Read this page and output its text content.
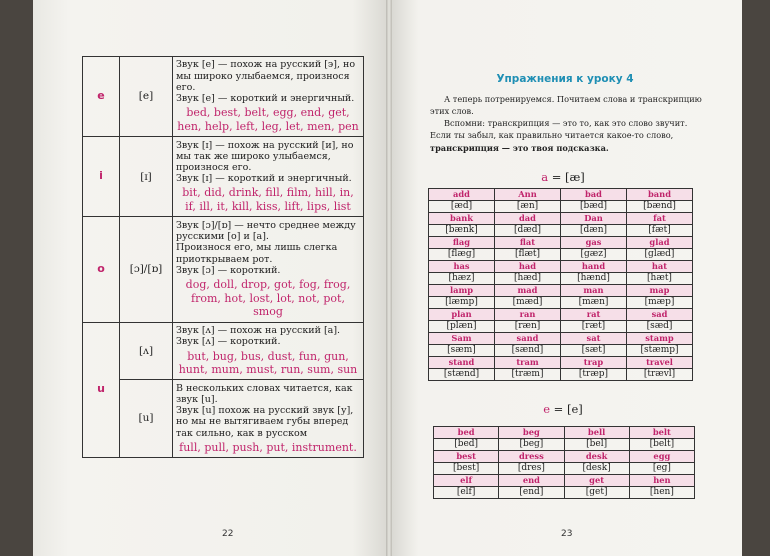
e	[e]	Звук [e] — похож на русский [э], но мы широко улыбаемся, произнося его.
Звук [e] — короткий и энергичный.
bed, best, belt, egg, end, get, hen, help, left, leg, let, men, pen

i	[ɪ]	Звук [ɪ] — похож на русский [и], но мы так же широко улыбаемся, произнося его.
Звук [ɪ] — короткий и энергичный.
bit, did, drink, fill, film, hill, in, if, ill, it, kill, kiss, lift, lips, list

o	[ɔ]/[ɒ]	Звук [ɔ]/[ɒ] — нечто среднее между русскими [о] и [а].
Произнося его, мы лишь слегка приоткрываем рот.
Звук [ɔ] — короткий.
dog, doll, drop, got, fog, frog, from, hot, lost, lot, not, pot, smog

u	[ʌ]	Звук [ʌ] — похож на русский [а].
Звук [ʌ] — короткий.
but, bug, bus, dust, fun, gun, hunt, mum, must, run, sum, sun

	[u]	В нескольких словах читается, как звук [u].
Звук [u] похож на русский звук [у], но мы не вытягиваем губы вперед так сильно, как в русском
full, pull, push, put, instrument.
22
Упражнения к уроку 4

А теперь потренируемся. Почитаем слова и транскрипцию этих слов.

Вспомни: транскрипция — это то, как это слово звучит. Если ты забыл, как правильно читается какое-то слово, транскрипция — это твоя подсказка.

a = [æ]
add	Ann	bad	band
[æd]	[æn]	[bæd]	[bænd]
bank	dad	Dan	fat
[bænk]	[dæd]	[dæn]	[fæt]
flag	flat	gas	glad
[flæg]	[flæt]	[gæz]	[glæd]
has	had	hand	hat
[hæz]	[hæd]	[hænd]	[hæt]
lamp	mad	man	map
[læmp]	[mæd]	[mæn]	[mæp]
plan	ran	rat	sad
[plæn]	[ræn]	[ræt]	[sæd]
Sam	sand	sat	stamp
[sæm]	[sænd]	[sæt]	[stæmp]
stand	tram	trap	travel
[stænd]	[træm]	[træp]	[trævl]
e = [e]
bed	beg	bell	belt
[bed]	[beg]	[bel]	[belt]
best	dress	desk	egg
[best]	[dres]	[desk]	[eg]
elf	end	get	hen
[elf]	[end]	[get]	[hen]
23
